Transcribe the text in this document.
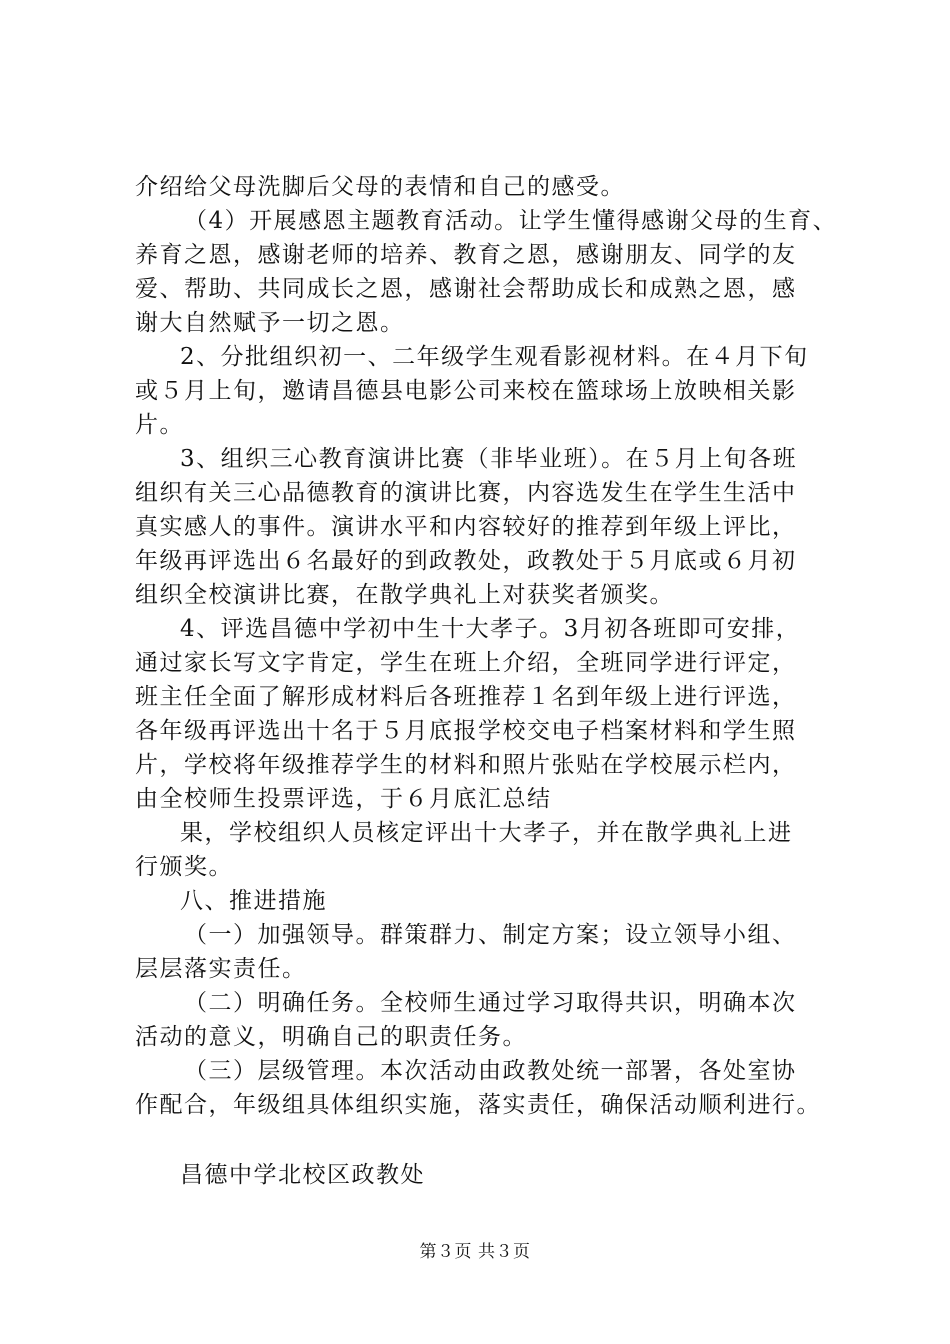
介绍给父母洗脚后父母的表情和自己的感受。
（4）开展感恩主题教育活动。让学生懂得感谢父母的生育、
养育之恩，感谢老师的培养、教育之恩，感谢朋友、同学的友
爱、帮助、共同成长之恩，感谢社会帮助成长和成熟之恩，感
谢大自然赋予一切之恩。
2、分批组织初一、二年级学生观看影视材料。在４月下旬
或５月上旬，邀请昌德县电影公司来校在篮球场上放映相关影
片。
3、组织三心教育演讲比赛（非毕业班）。在５月上旬各班
组织有关三心品德教育的演讲比赛，内容选发生在学生生活中
真实感人的事件。演讲水平和内容较好的推荐到年级上评比，
年级再评选出６名最好的到政教处，政教处于５月底或６月初
组织全校演讲比赛，在散学典礼上对获奖者颁奖。
4、评选昌德中学初中生十大孝子。3月初各班即可安排，
通过家长写文字肯定，学生在班上介绍，全班同学进行评定，
班主任全面了解形成材料后各班推荐１名到年级上进行评选，
各年级再评选出十名于５月底报学校交电子档案材料和学生照
片，学校将年级推荐学生的材料和照片张贴在学校展示栏内，
由全校师生投票评选，于６月底汇总结
果，学校组织人员核定评出十大孝子，并在散学典礼上进
行颁奖。
八、推进措施
（一）加强领导。群策群力、制定方案；设立领导小组、
层层落实责任。
（二）明确任务。全校师生通过学习取得共识，明确本次
活动的意义，明确自己的职责任务。
（三）层级管理。本次活动由政教处统一部署，各处室协
作配合，年级组具体组织实施，落实责任，确保活动顺利进行。
昌德中学北校区政教处
第３页 共３页
